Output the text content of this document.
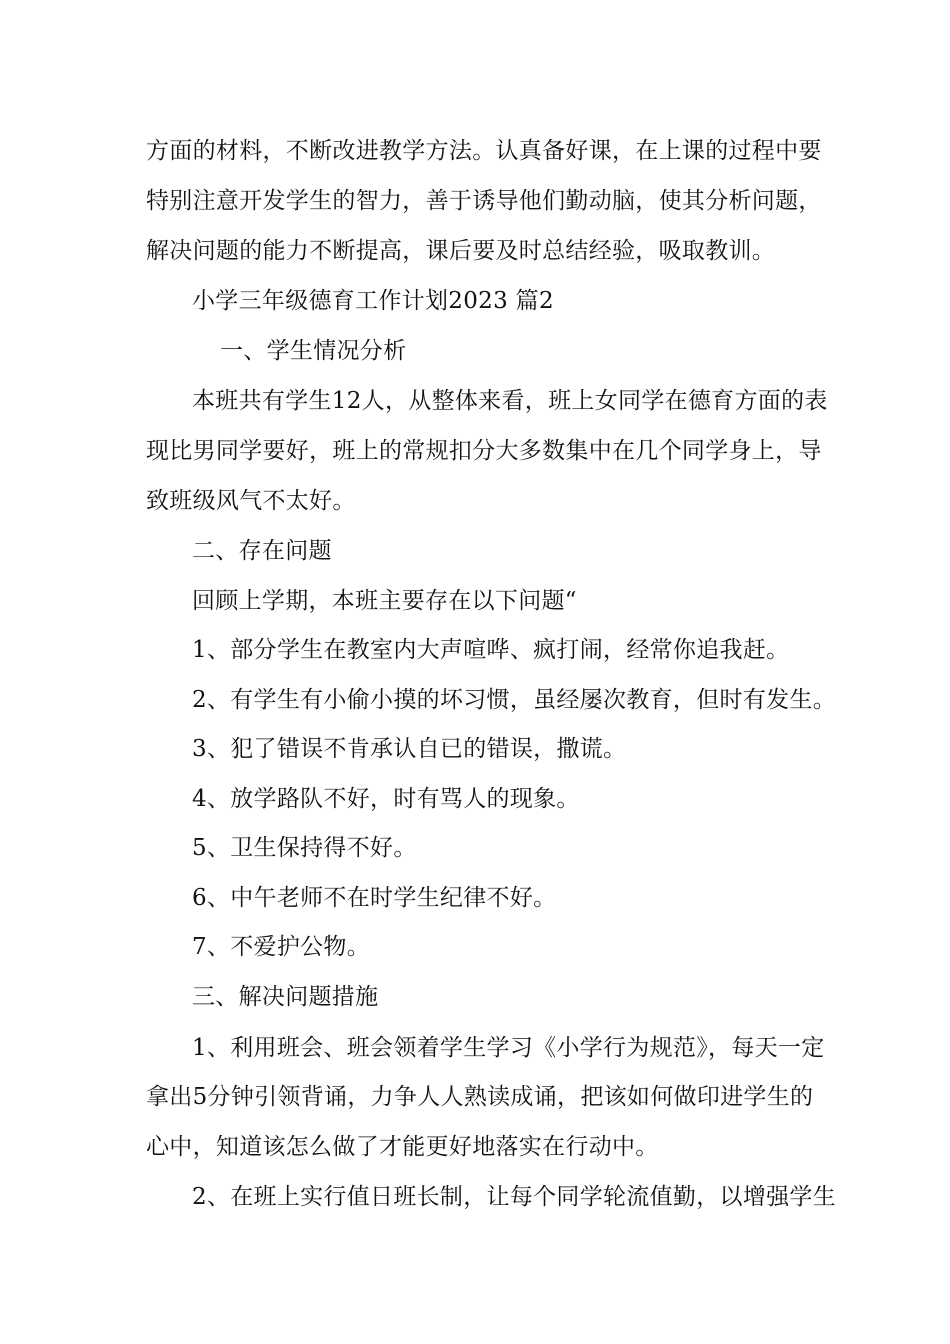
方面的材料，不断改进教学方法。认真备好课，在上课的过程中要
特别注意开发学生的智力，善于诱导他们勤动脑，使其分析问题，
解决问题的能力不断提高，课后要及时总结经验，吸取教训。
小学三年级德育工作计划2023 篇2
一、学生情况分析
本班共有学生12人，从整体来看，班上女同学在德育方面的表
现比男同学要好，班上的常规扣分大多数集中在几个同学身上，导
致班级风气不太好。
二、存在问题
回顾上学期，本班主要存在以下问题“
1、部分学生在教室内大声喧哗、疯打闹，经常你追我赶。
2、有学生有小偷小摸的坏习惯，虽经屡次教育，但时有发生。
3、犯了错误不肯承认自已的错误，撒谎。
4、放学路队不好，时有骂人的现象。
5、卫生保持得不好。
6、中午老师不在时学生纪律不好。
7、不爱护公物。
三、解决问题措施
1、利用班会、班会领着学生学习《小学行为规范》，每天一定
拿出5分钟引领背诵，力争人人熟读成诵，把该如何做印进学生的
心中，知道该怎么做了才能更好地落实在行动中。
2、在班上实行值日班长制，让每个同学轮流值勤，以增强学生
